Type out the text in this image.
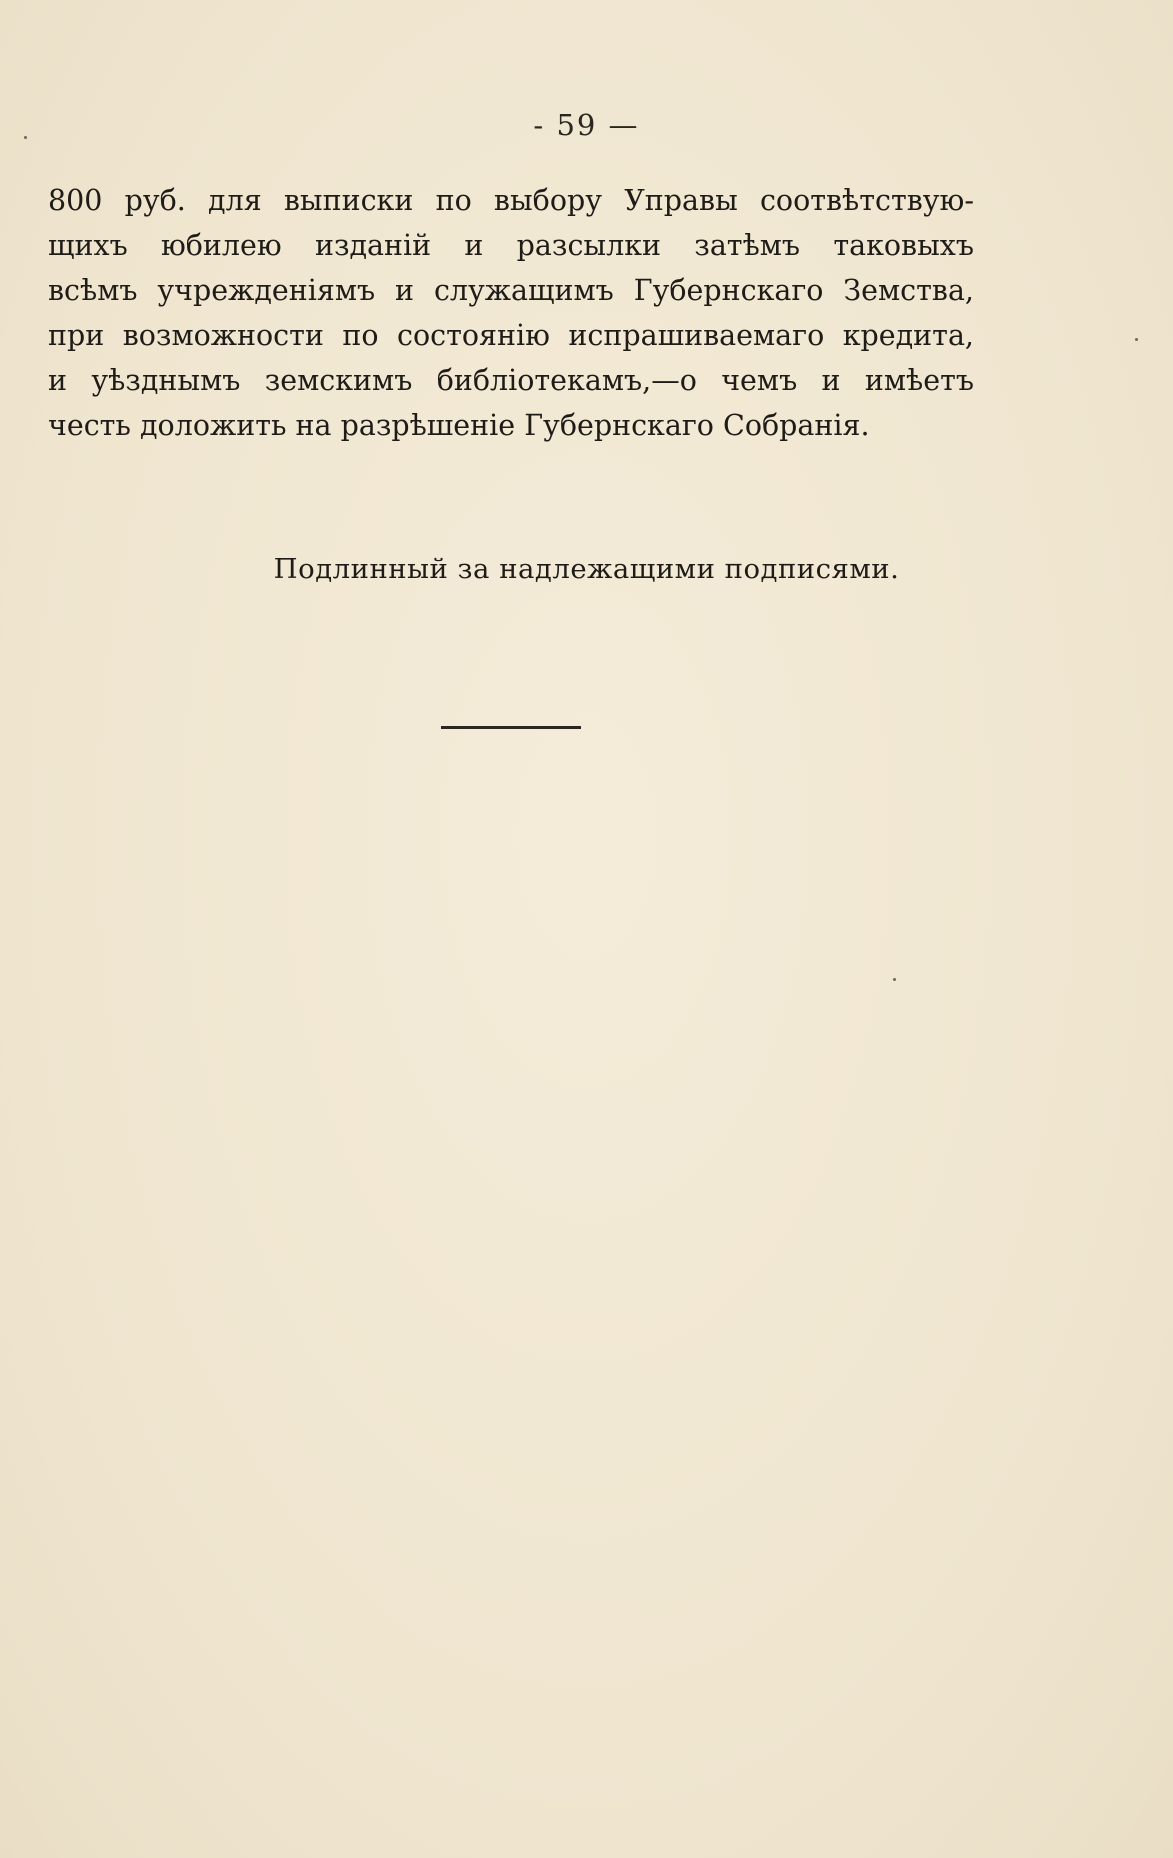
- 59 —
800 руб. для выписки по выбору Управы соотвѣтствую-
щихъ юбилею изданій и разсылки затѣмъ таковыхъ
всѣмъ учрежденіямъ и служащимъ Губернскаго Земства,
при возможности по состоянію испрашиваемаго кредита,
и уѣзднымъ земскимъ библіотекамъ,—о чемъ и имѣетъ
честь доложить на разрѣшеніе Губернскаго Собранія.
Подлинный за надлежащими подписями.
